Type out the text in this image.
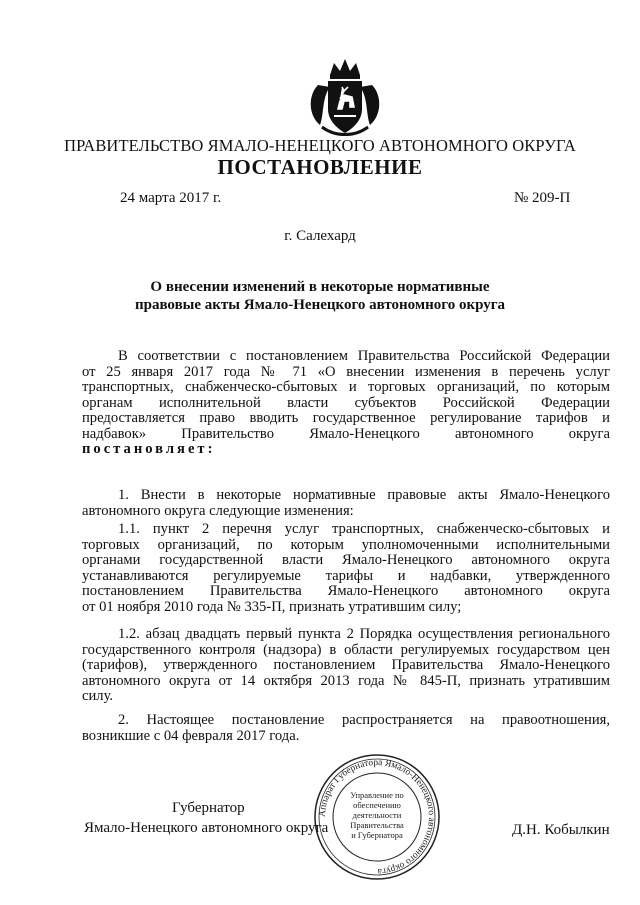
ПРАВИТЕЛЬСТВО ЯМАЛО-НЕНЕЦКОГО АВТОНОМНОГО ОКРУГА
ПОСТАНОВЛЕНИЕ
24 марта 2017 г.	№ 209-П
г. Салехард
О внесении изменений в некоторые нормативные
правовые акты Ямало-Ненецкого автономного округа
В соответствии с постановлением Правительства Российской Федерации
от 25 января 2017 года № 71 «О внесении изменения в перечень услуг
транспортных, снабженческо-сбытовых и торговых организаций, по которым
органам исполнительной власти субъектов Российской Федерации
предоставляется право вводить государственное регулирование тарифов и
надбавок» Правительство Ямало-Ненецкого автономного округа
постановляет:
1. Внести в некоторые нормативные правовые акты Ямало-Ненецкого
автономного округа следующие изменения:
1.1. пункт 2 перечня услуг транспортных, снабженческо-сбытовых и
торговых организаций, по которым уполномоченными исполнительными
органами государственной власти Ямало-Ненецкого автономного округа
устанавливаются регулируемые тарифы и надбавки, утвержденного
постановлением Правительства Ямало-Ненецкого автономного округа
от 01 ноября 2010 года № 335-П, признать утратившим силу;
1.2. абзац двадцать первый пункта 2 Порядка осуществления регионального
государственного контроля (надзора) в области регулируемых государством цен
(тарифов), утвержденного постановлением Правительства Ямало-Ненецкого
автономного округа от 14 октября 2013 года № 845-П, признать утратившим
силу.
2. Настоящее постановление распространяется на правоотношения,
возникшие с 04 февраля 2017 года.
Аппарат Губернатора Ямало-Ненецкого автономного округа
Управление по
обеспечению
деятельности
Правительства
и Губернатора
Губернатор
Ямало-Ненецкого автономного округа	Д.Н. Кобылкин
